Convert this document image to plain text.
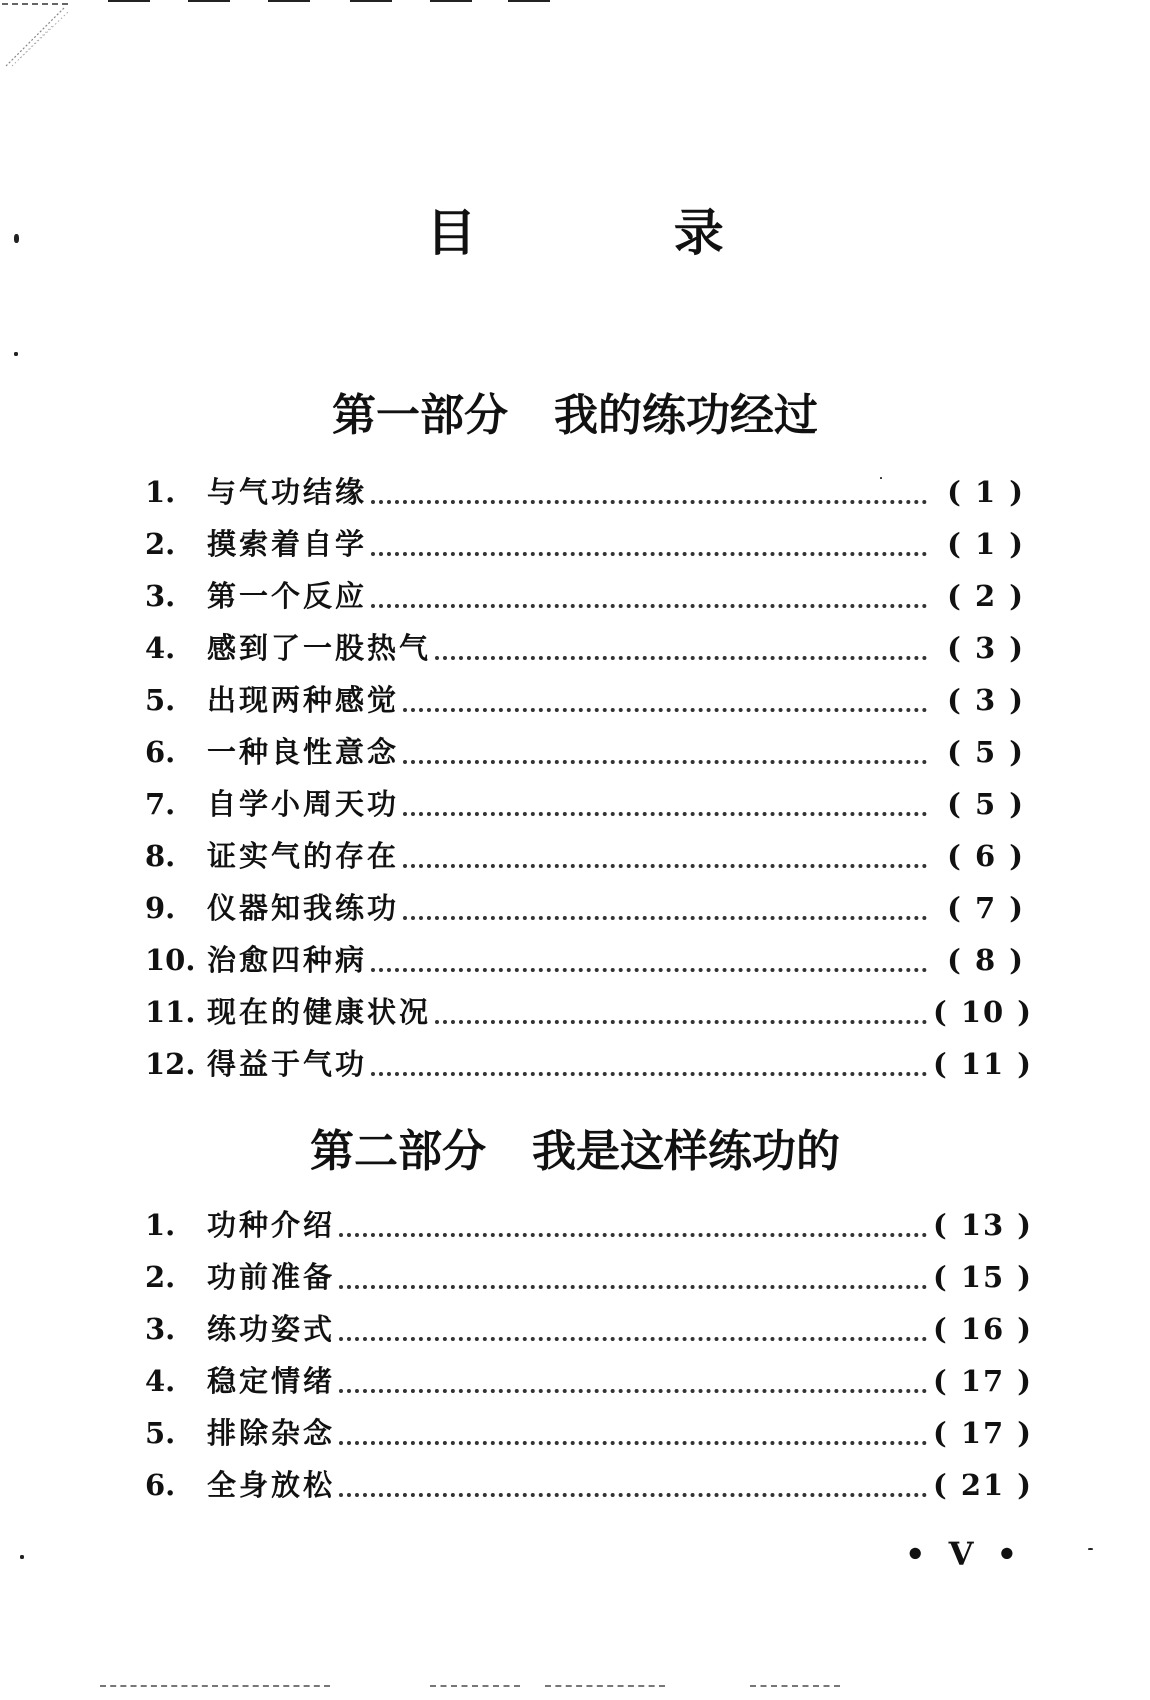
目 录
第一部分   我的练功经过
1.	与气功结缘	( 1 )
2.	摸索着自学	( 1 )
3.	第一个反应	( 2 )
4.	感到了一股热气	( 3 )
5.	出现两种感觉	( 3 )
6.	一种良性意念	( 5 )
7.	自学小周天功	( 5 )
8.	证实气的存在	( 6 )
9.	仪器知我练功	( 7 )
10. 治愈四种病	( 8 )
11. 现在的健康状况	( 10 )
12. 得益于气功	( 11 )
第二部分   我是这样练功的
1.	功种介绍	( 13 )
2.	功前准备	( 15 )
3.	练功姿式	( 16 )
4.	稳定情绪	( 17 )
5.	排除杂念	( 17 )
6.	全身放松	( 21 )
• V •
